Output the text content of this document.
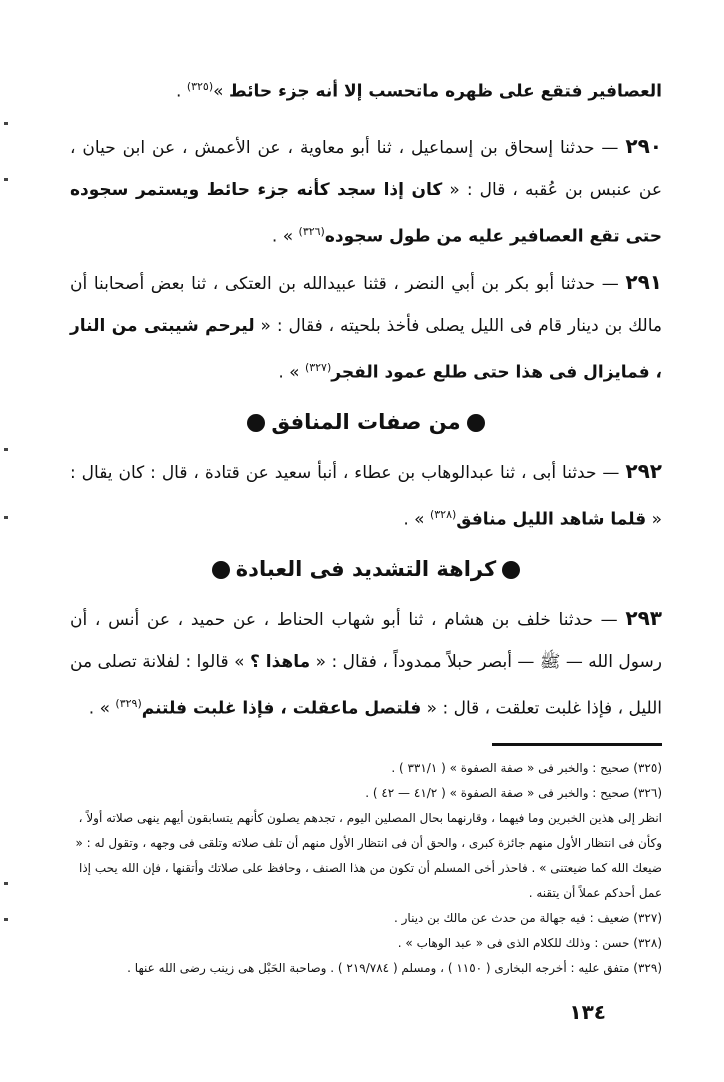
العصافير فتقع على ظهره ماتحسب إلا أنه جزء حائط »$^{(٣٢٥)}$ .

٢٩٠ — حدثنا إسحاق بن إسماعيل ، ثنا أبو معاوية ، عن الأعمش ، عن ابن حيان ، عن عنبس بن عُقبه ، قال : « كان إذا سجد كأنه جزء حائط ويستمر سجوده حتى تقع العصافير عليه من طول سجوده$^{(٣٢٦)}$ » .

٢٩١ — حدثنا أبو بكر بن أبي النضر ، قثنا عبيدالله بن العتكى ، ثنا بعض أصحابنا أن مالك بن دينار قام فى الليل يصلى فأخذ بلحيته ، فقال : « ليرحم شيبتى من النار ، فمايزال فى هذا حتى طلع عمود الفجر$^{(٣٢٧)}$ » .

من صفات المنافق

٢٩٢ — حدثنا أبى ، ثنا عبدالوهاب بن عطاء ، أنبأ سعيد عن قتادة ، قال : كان يقال : « قلما شاهد الليل منافق$^{(٣٢٨)}$ » .

كراهة التشديد فى العبادة

٢٩٣ — حدثنا خلف بن هشام ، ثنا أبو شهاب الحناط ، عن حميد ، عن أنس ، أن رسول الله — ﷺ — أبصر حبلاً ممدوداً ، فقال : « ماهذا ؟ » قالوا : لفلانة تصلى من الليل ، فإذا غلبت تعلقت ، قال : « فلتصل ماعقلت ، فإذا غلبت فلتنم$^{(٣٢٩)}$ » .

(٣٢٥) صحيح : والخبر فى « صفة الصفوة » ( ٣٣١/١ ) .

(٣٢٦) صحيح : والخبر فى « صفة الصفوة » ( ٤١/٢ — ٤٢ ) .

انظر إلى هذين الخبرين وما فيهما ، وقارنهما بحال المصلين اليوم ، تجدهم يصلون كأنهم يتسابقون أيهم ينهى صلاته أولاً ، وكأن فى انتظار الأول منهم جائزة كبرى ، والحق أن فى انتظار الأول منهم أن تلف صلاته وتلقى فى وجهه ، وتقول له : « ضيعك الله كما ضيعتنى » . فاحذر أخى المسلم أن تكون من هذا الصنف ، وحافظ على صلاتك وأتقنها ، فإن الله يحب إذا عمل أحدكم عملاً أن يتقنه .

(٣٢٧) ضعيف : فيه جهالة من حدث عن مالك بن دينار .

(٣٢٨) حسن : وذلك للكلام الذى فى « عبد الوهاب » .

(٣٢٩) متفق عليه : أخرجه البخارى ( ١١٥٠ ) ، ومسلم ( ٢١٩/٧٨٤ ) . وصاحبة الحَبْل هى زينب رضى الله عنها .

١٣٤
